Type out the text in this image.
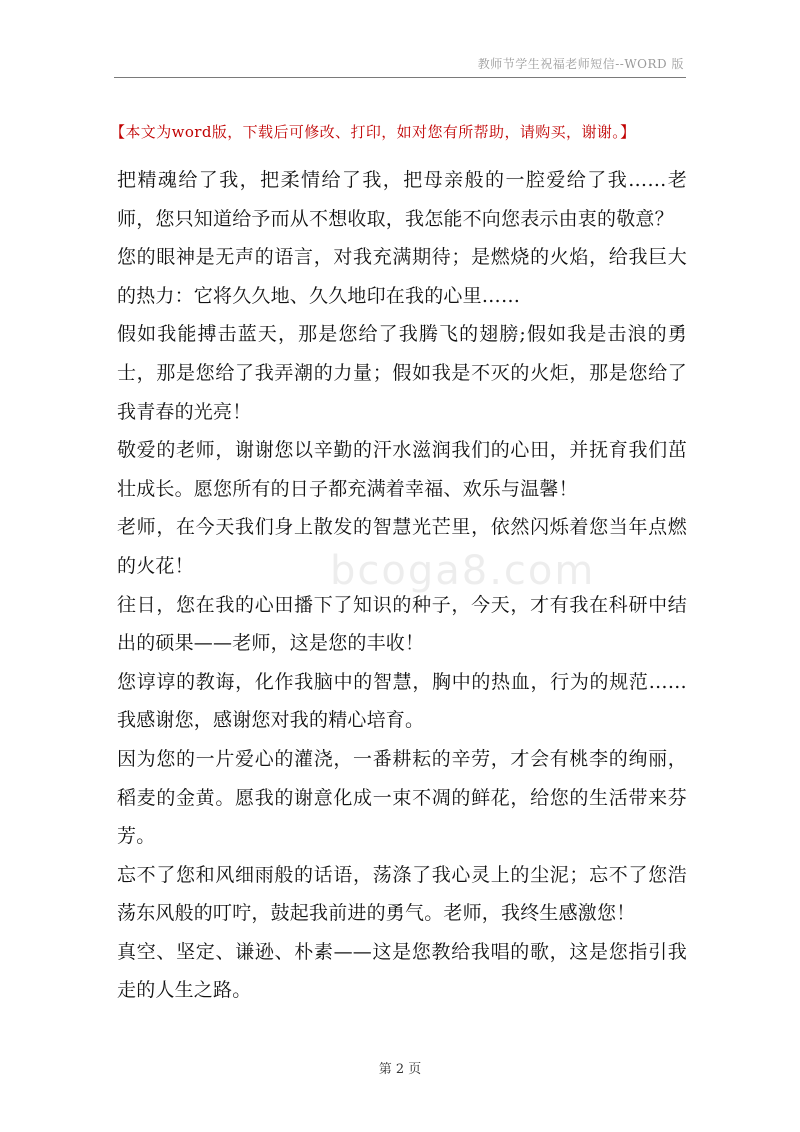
教师节学生祝福老师短信--WORD 版
【本文为word版，下载后可修改、打印，如对您有所帮助，请购买，谢谢。】

把精魂给了我，把柔情给了我，把母亲般的一腔爱给了我……老师，您只知道给予而从不想收取，我怎能不向您表示由衷的敬意？

您的眼神是无声的语言，对我充满期待；是燃烧的火焰，给我巨大的热力：它将久久地、久久地印在我的心里……

假如我能搏击蓝天，那是您给了我腾飞的翅膀;假如我是击浪的勇士，那是您给了我弄潮的力量；假如我是不灭的火炬，那是您给了我青春的光亮！

敬爱的老师，谢谢您以辛勤的汗水滋润我们的心田，并抚育我们茁壮成长。愿您所有的日子都充满着幸福、欢乐与温馨！

老师，在今天我们身上散发的智慧光芒里，依然闪烁着您当年点燃的火花！

往日，您在我的心田播下了知识的种子，今天，才有我在科研中结出的硕果——老师，这是您的丰收！

您谆谆的教诲，化作我脑中的智慧，胸中的热血，行为的规范……我感谢您，感谢您对我的精心培育。

因为您的一片爱心的灌浇，一番耕耘的辛劳，才会有桃李的绚丽，稻麦的金黄。愿我的谢意化成一束不凋的鲜花，给您的生活带来芬芳。

忘不了您和风细雨般的话语，荡涤了我心灵上的尘泥；忘不了您浩荡东风般的叮咛，鼓起我前进的勇气。老师，我终生感激您！

真空、坚定、谦逊、朴素——这是您教给我唱的歌，这是您指引我走的人生之路。

bcoga8.com
第 2 页
